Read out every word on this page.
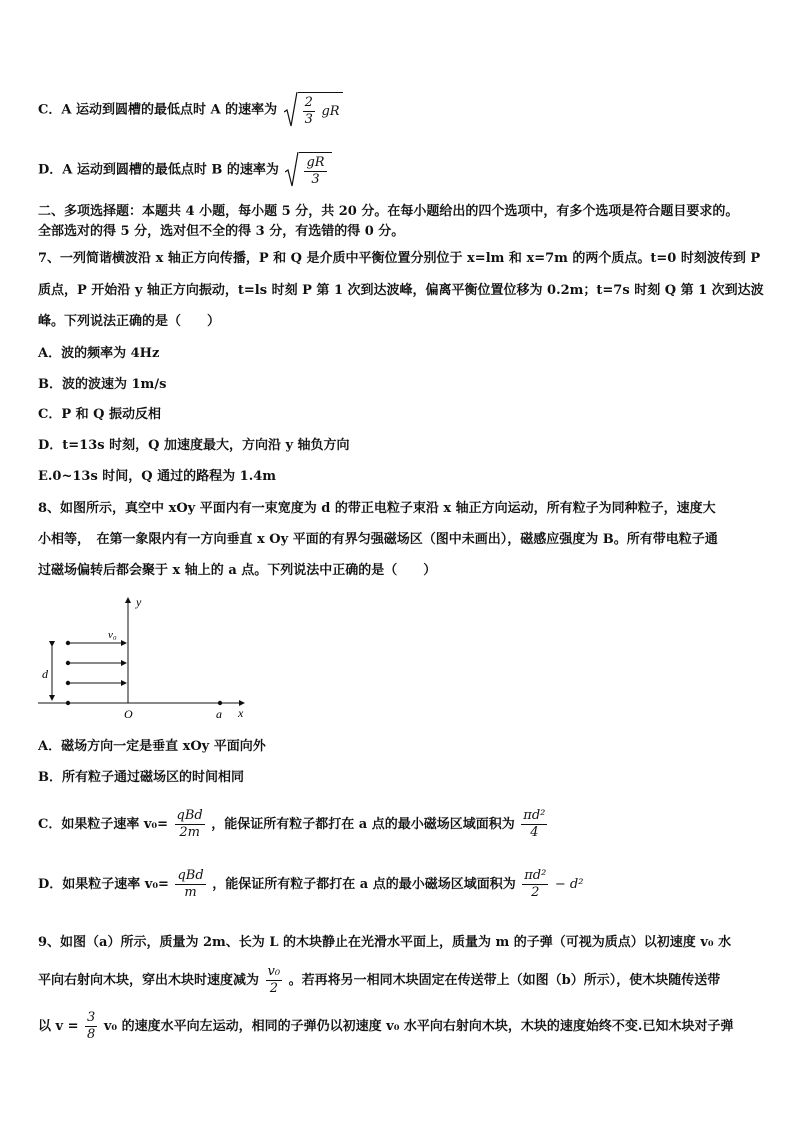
C．A 运动到圆槽的最低点时 A 的速率为 $\frac{2}{3}$ gR
D．A 运动到圆槽的最低点时 B 的速率为 $\frac{gR}{3}$
二、多项选择题：本题共 4 小题，每小题 5 分，共 20 分。在每小题给出的四个选项中，有多个选项是符合题目要求的。
全部选对的得 5 分，选对但不全的得 3 分，有选错的得 0 分。
7、一列简谐横波沿 x 轴正方向传播，P 和 Q 是介质中平衡位置分别位于 x=lm 和 x=7m 的两个质点。t=0 时刻波传到 P
质点，P 开始沿 y 轴正方向振动，t=ls 时刻 P 第 1 次到达波峰，偏离平衡位置位移为 0.2m；t=7s 时刻 Q 第 1 次到达波
峰。下列说法正确的是（　　）
A．波的频率为 4Hz
B．波的波速为 1m/s
C．P 和 Q 振动反相
D．t=13s 时刻，Q 加速度最大，方向沿 y 轴负方向
E.0~13s 时间，Q 通过的路程为 1.4m
8、如图所示，真空中 xOy 平面内有一束宽度为 d 的带正电粒子束沿 x 轴正方向运动，所有粒子为同种粒子，速度大
小相等，　在第一象限内有一方向垂直 x Oy 平面的有界匀强磁场区（图中未画出），磁感应强度为 B。所有带电粒子通
过磁场偏转后都会聚于 x 轴上的 a 点。下列说法中正确的是（　　）
y
x
O	a
v₀
d
A．磁场方向一定是垂直 xOy 平面向外
B．所有粒子通过磁场区的时间相同
C．如果粒子速率 $v_0= \frac{\text{qBd}}{2m}$ ，能保证所有粒子都打在 a 点的最小磁场区域面积为 $\frac{\text{πd²}}{4}$
D．如果粒子速率 $v_0= \frac{\text{qBd}}{m}$ ，能保证所有粒子都打在 a 点的最小磁场区域面积为 $\frac{\text{πd²}}{2} - d^2$
9、如图（a）所示，质量为 2m、长为 L 的木块静止在光滑水平面上，质量为 m 的子弹（可视为质点）以初速度 v₀ 水
平向右射向木块，穿出木块时速度减为 $\frac{\text{v₀}}{2}$ 。若再将另一相同木块固定在传送带上（如图（b）所示），使木块随传送带
以 $v = \frac{3}{8} v_0$ 的速度水平向左运动，相同的子弹仍以初速度 v₀ 水平向右射向木块，木块的速度始终不变.已知木块对子弹
